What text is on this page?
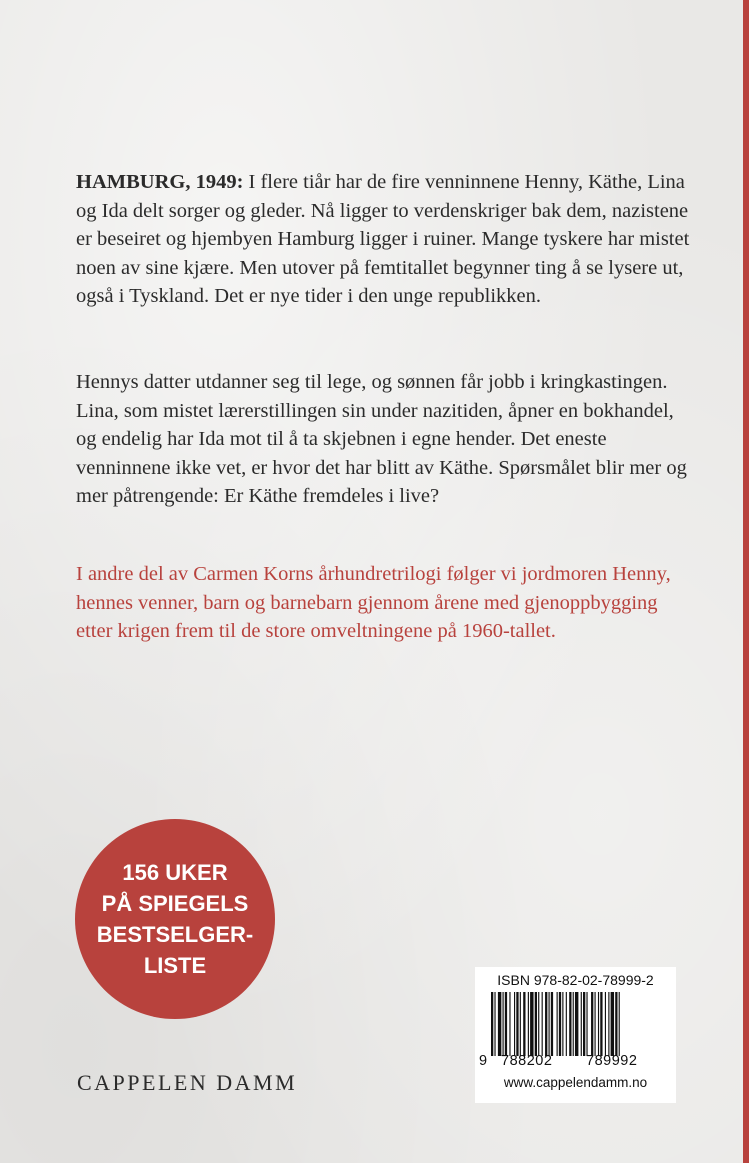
HAMBURG, 1949: I flere tiår har de fire venninnene Henny, Käthe, Lina og Ida delt sorger og gleder. Nå ligger to verdenskriger bak dem, nazistene er beseiret og hjembyen Hamburg ligger i ruiner. Mange tyskere har mistet noen av sine kjære. Men utover på femtitallet begynner ting å se lysere ut, også i Tyskland. Det er nye tider i den unge republikken.

Hennys datter utdanner seg til lege, og sønnen får jobb i kringkastingen. Lina, som mistet lærerstillingen sin under nazitiden, åpner en bokhandel, og endelig har Ida mot til å ta skjebnen i egne hender. Det eneste venninnene ikke vet, er hvor det har blitt av Käthe. Spørsmålet blir mer og mer påtrengende: Er Käthe fremdeles i live?

I andre del av Carmen Korns århundretrilogi følger vi jordmoren Henny, hennes venner, barn og barnebarn gjennom årene med gjenoppbygging etter krigen frem til de store omveltningene på 1960-tallet.

156 UKER
PÅ SPIEGELS
BESTSELGER-
LISTE
CAPPELEN DAMM
ISBN 978-82-02-78999-2
9 788202 789992
www.cappelendamm.no
